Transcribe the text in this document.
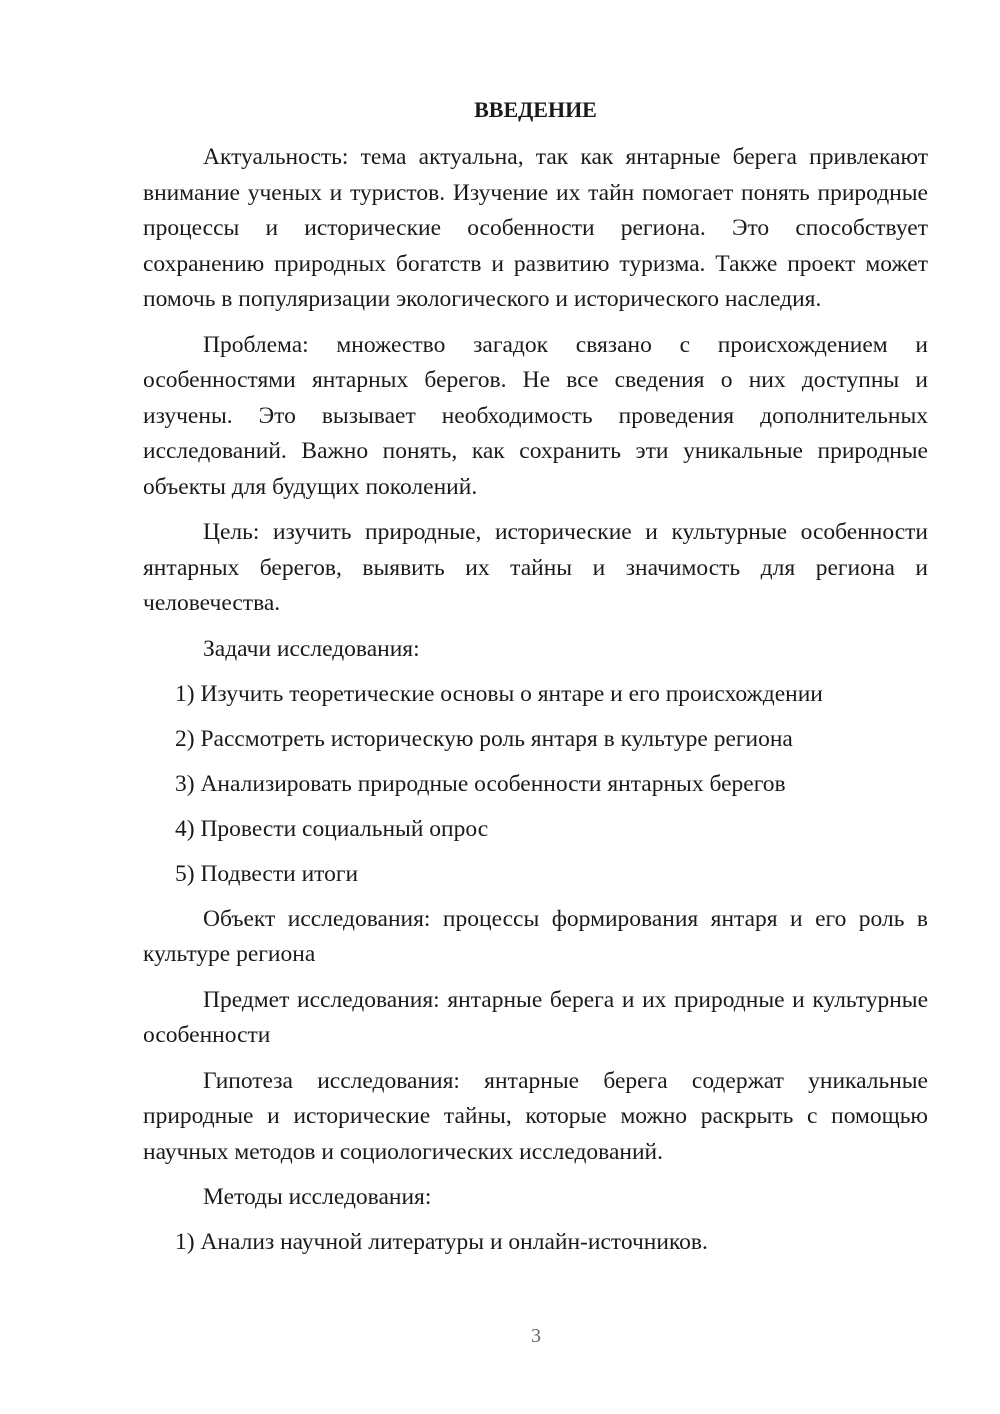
ВВЕДЕНИЕ

Актуальность: тема актуальна, так как янтарные берега привлекают внимание ученых и туристов. Изучение их тайн помогает понять природные процессы и исторические особенности региона. Это способствует сохранению природных богатств и развитию туризма. Также проект может помочь в популяризации экологического и исторического наследия.

Проблема: множество загадок связано с происхождением и особенностями янтарных берегов. Не все сведения о них доступны и изучены. Это вызывает необходимость проведения дополнительных исследований. Важно понять, как сохранить эти уникальные природные объекты для будущих поколений.

Цель: изучить природные, исторические и культурные особенности янтарных берегов, выявить их тайны и значимость для региона и человечества.

Задачи исследования:

1) Изучить теоретические основы о янтаре и его происхождении

2) Рассмотреть историческую роль янтаря в культуре региона

3) Анализировать природные особенности янтарных берегов

4) Провести социальный опрос

5) Подвести итоги

Объект исследования: процессы формирования янтаря и его роль в культуре региона

Предмет исследования: янтарные берега и их природные и культурные особенности

Гипотеза исследования: янтарные берега содержат уникальные природные и исторические тайны, которые можно раскрыть с помощью научных методов и социологических исследований.

Методы исследования:

1) Анализ научной литературы и онлайн-источников.

3
